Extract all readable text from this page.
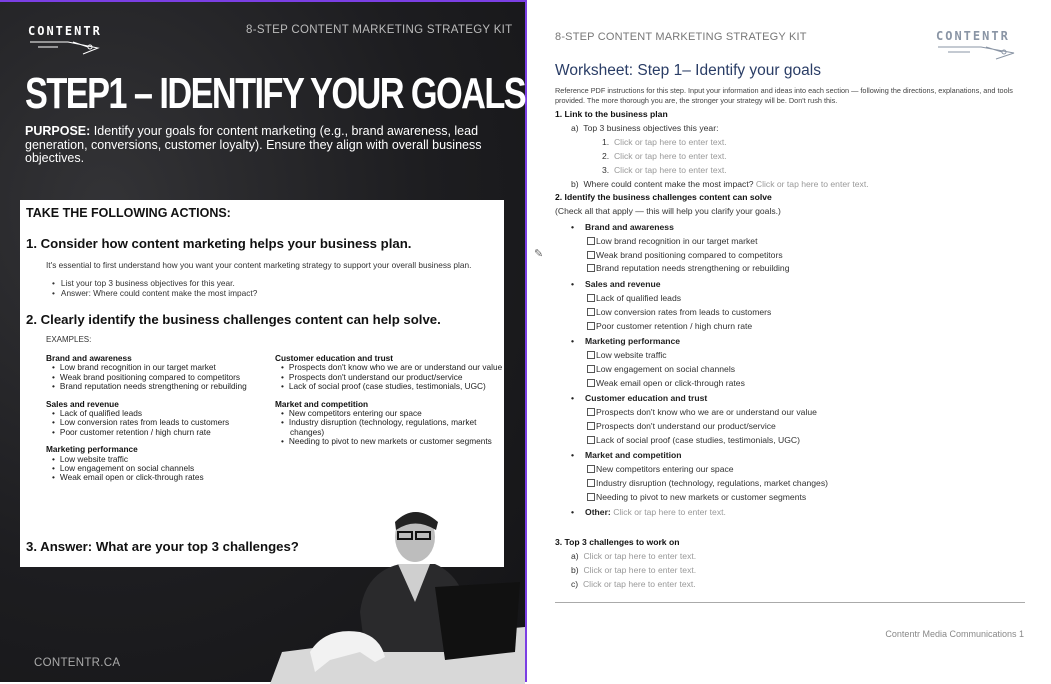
CONTENTR	8-STEP CONTENT MARKETING STRATEGY KIT
STEP1 – IDENTIFY YOUR GOALS
PURPOSE: Identify your goals for content marketing (e.g., brand awareness, lead generation, conversions, customer loyalty). Ensure they align with overall business objectives.
TAKE THE FOLLOWING ACTIONS:
1. Consider how content marketing helps your business plan.
It's essential to first understand how you want your content marketing strategy to support your overall business plan.
• List your top 3 business objectives for this year.
• Answer: Where could content make the most impact?
2. Clearly identify the business challenges content can help solve.
EXAMPLES:
Brand and awareness
• Low brand recognition in our target market
• Weak brand positioning compared to competitors
• Brand reputation needs strengthening or rebuilding
Sales and revenue
• Lack of qualified leads
• Low conversion rates from leads to customers
• Poor customer retention / high churn rate
Marketing performance
• Low website traffic
• Low engagement on social channels
• Weak email open or click-through rates
Customer education and trust
• Prospects don't know who we are or understand our value
• Prospects don't understand our product/service
• Lack of social proof (case studies, testimonials, UGC)
Market and competition
• New competitors entering our space
• Industry disruption (technology, regulations, market changes)
• Needing to pivot to new markets or customer segments
3. Answer: What are your top 3 challenges?
CONTENTR.CA
8-STEP CONTENT MARKETING STRATEGY KIT	CONTENTR
Worksheet: Step 1– Identify your goals
Reference PDF instructions for this step. Input your information and ideas into each section — following the directions, explanations, and tools provided. The more thorough you are, the stronger your strategy will be. Don't rush this.
✎
1. Link to the business plan
a) Top 3 business objectives this year:
1. Click or tap here to enter text.
2. Click or tap here to enter text.
3. Click or tap here to enter text.
b) Where could content make the most impact? Click or tap here to enter text.
2. Identify the business challenges content can solve
(Check all that apply — this will help you clarify your goals.)
• Brand and awareness
Low brand recognition in our target market
Weak brand positioning compared to competitors
Brand reputation needs strengthening or rebuilding
• Sales and revenue
Lack of qualified leads
Low conversion rates from leads to customers
Poor customer retention / high churn rate
• Marketing performance
Low website traffic
Low engagement on social channels
Weak email open or click-through rates
• Customer education and trust
Prospects don't know who we are or understand our value
Prospects don't understand our product/service
Lack of social proof (case studies, testimonials, UGC)
• Market and competition
New competitors entering our space
Industry disruption (technology, regulations, market changes)
Needing to pivot to new markets or customer segments
• Other: Click or tap here to enter text.
3. Top 3 challenges to work on
a) Click or tap here to enter text.
b) Click or tap here to enter text.
c) Click or tap here to enter text.
Contentr Media Communications 1
